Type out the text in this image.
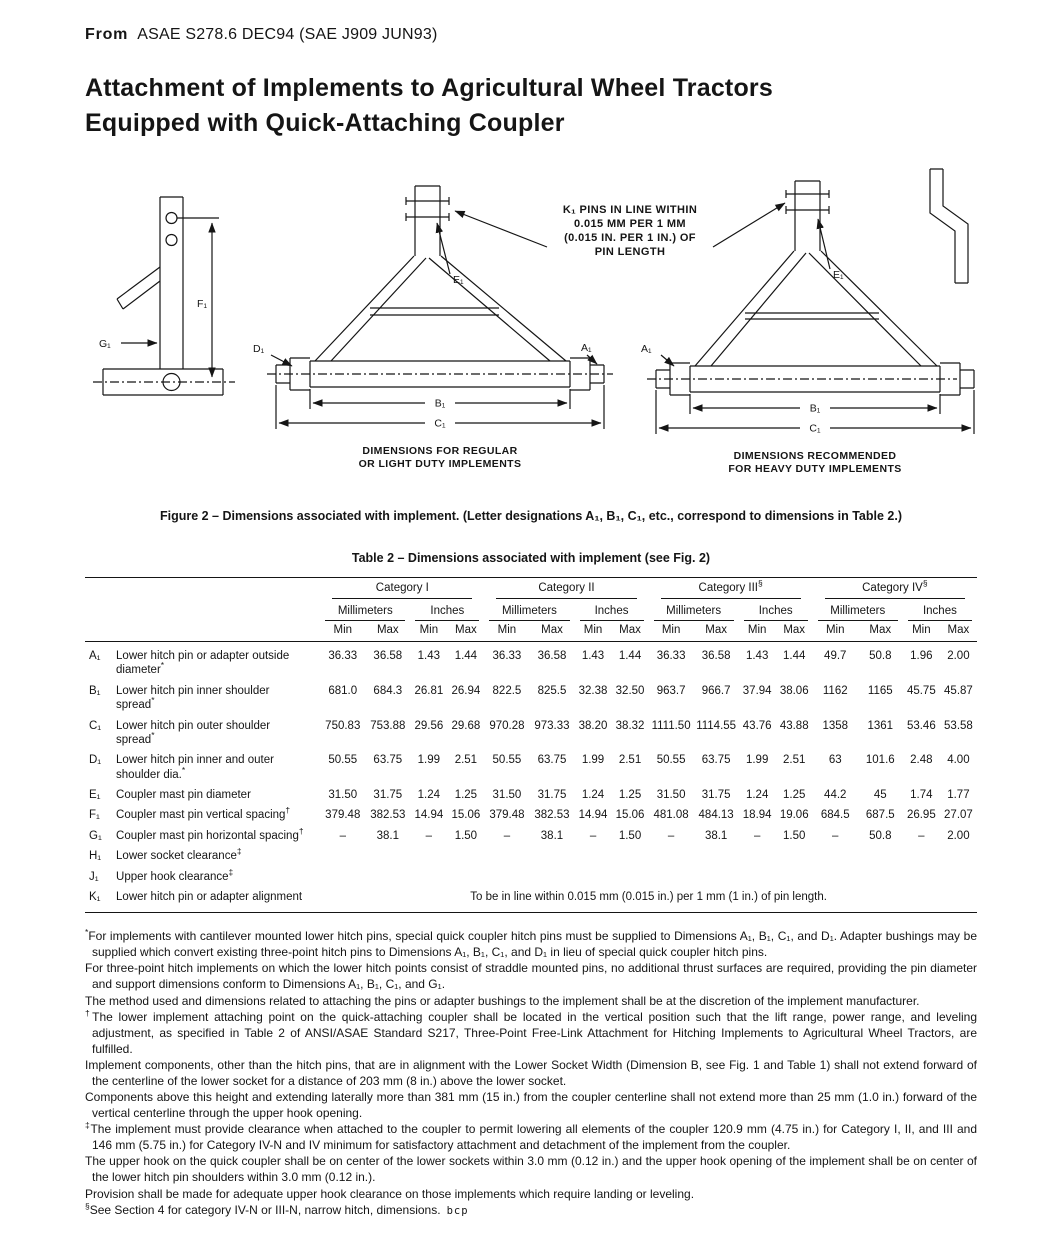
From ASAE S278.6 DEC94 (SAE J909 JUN93)
Attachment of Implements to Agricultural Wheel Tractors
Equipped with Quick-Attaching Coupler
F₁
G₁
E₁
D₁	A₁
B₁
C₁
DIMENSIONS FOR REGULAR
OR LIGHT DUTY IMPLEMENTS
K₁ PINS IN LINE WITHIN
0.015 MM PER 1 MM
(0.015 IN. PER 1 IN.) OF
PIN LENGTH
E₁
A₁
B₁
C₁
DIMENSIONS RECOMMENDED
FOR HEAVY DUTY IMPLEMENTS
Figure 2 – Dimensions associated with implement. (Letter designations A₁, B₁, C₁, etc., correspond to dimensions in Table 2.)
Table 2 – Dimensions associated with implement (see Fig. 2)

		Category I				Category II				Category III§				Category IV§

		Millimeters		Inches		Millimeters		Inches		Millimeters		Inches		Millimeters		Inches	

		Min	Max	Min	Max	Min	Max	Min	Max	Min	Max	Min	Max	Min	Max	Min	Max
A₁	Lower hitch pin or adapter outside diameter*	36.33	36.58	1.43	1.44	36.33	36.58	1.43	1.44	36.33	36.58	1.43	1.44	49.7	50.8	1.96	2.00
B₁	Lower hitch pin inner shoulder spread*	681.0	684.3	26.81	26.94	822.5	825.5	32.38	32.50	963.7	966.7	37.94	38.06	1162	1165	45.75	45.87
C₁	Lower hitch pin outer shoulder spread*	750.83	753.88	29.56	29.68	970.28	973.33	38.20	38.32	1111.50	1114.55	43.76	43.88	1358	1361	53.46	53.58
D₁	Lower hitch pin inner and outer shoulder dia.*	50.55	63.75	1.99	2.51	50.55	63.75	1.99	2.51	50.55	63.75	1.99	2.51	63	101.6	2.48	4.00
E₁	Coupler mast pin diameter	31.50	31.75	1.24	1.25	31.50	31.75	1.24	1.25	31.50	31.75	1.24	1.25	44.2	45	1.74	1.77
F₁	Coupler mast pin vertical spacing†	379.48	382.53	14.94	15.06	379.48	382.53	14.94	15.06	481.08	484.13	18.94	19.06	684.5	687.5	26.95	27.07
G₁	Coupler mast pin horizontal spacing†	–	38.1	–	1.50	–	38.1	–	1.50	–	38.1	–	1.50	–	50.8	–	2.00
H₁	Lower socket clearance‡	
J₁	Upper hook clearance‡	
K₁	Lower hitch pin or adapter alignment	To be in line within 0.015 mm (0.015 in.) per 1 mm (1 in.) of pin length.															

*For implements with cantilever mounted lower hitch pins, special quick coupler hitch pins must be supplied to Dimensions A₁, B₁, C₁, and D₁. Adapter bushings may be supplied which convert existing three-point hitch pins to Dimensions A₁, B₁, C₁, and D₁ in lieu of special quick coupler hitch pins.

For three-point hitch implements on which the lower hitch points consist of straddle mounted pins, no additional thrust surfaces are required, providing the pin diameter and support dimensions conform to Dimensions A₁, B₁, C₁, and G₁.

The method used and dimensions related to attaching the pins or adapter bushings to the implement shall be at the discretion of the implement manufacturer.

†The lower implement attaching point on the quick-attaching coupler shall be located in the vertical position such that the lift range, power range, and leveling adjustment, as specified in Table 2 of ANSI/ASAE Standard S217, Three-Point Free-Link Attachment for Hitching Implements to Agricultural Wheel Tractors, are fulfilled.

Implement components, other than the hitch pins, that are in alignment with the Lower Socket Width (Dimension B, see Fig. 1 and Table 1) shall not extend forward of the centerline of the lower socket for a distance of 203 mm (8 in.) above the lower socket.

Components above this height and extending laterally more than 381 mm (15 in.) from the coupler centerline shall not extend more than 25 mm (1.0 in.) forward of the vertical centerline through the upper hook opening.

‡The implement must provide clearance when attached to the coupler to permit lowering all elements of the coupler 120.9 mm (4.75 in.) for Category I, II, and III and 146 mm (5.75 in.) for Category IV-N and IV minimum for satisfactory attachment and detachment of the implement from the coupler.

The upper hook on the quick coupler shall be on center of the lower sockets within 3.0 mm (0.12 in.) and the upper hook opening of the implement shall be on center of the lower hitch pin shoulders within 3.0 mm (0.12 in.).

Provision shall be made for adequate upper hook clearance on those implements which require landing or leveling.

§See Section 4 for category IV-N or III-N, narrow hitch, dimensions. bcp
